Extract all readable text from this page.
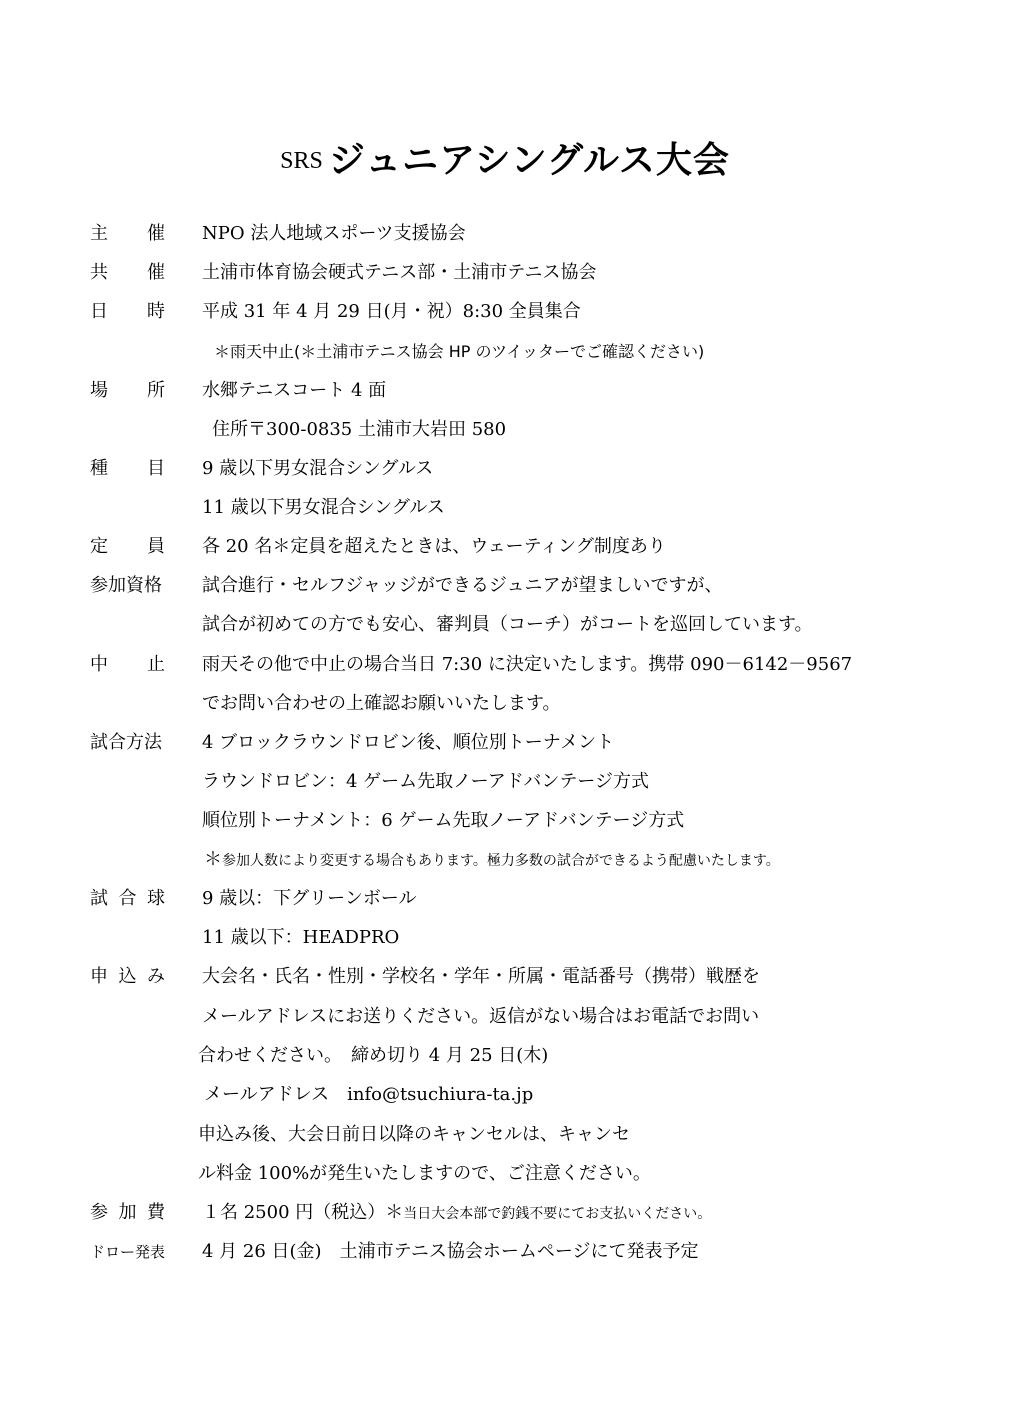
SRS ジュニアシングルス大会
主 催 NPO 法人地域スポーツ支援協会
共 催 土浦市体育協会硬式テニス部・土浦市テニス協会
日 時 平成 31 年 4 月 29 日(月・祝）8:30 全員集合
＊雨天中止(＊土浦市テニス協会 HP のツイッターでご確認ください)
場 所 水郷テニスコート 4 面
住所〒300-0835 土浦市大岩田 580
種 目 9 歳以下男女混合シングルス
11 歳以下男女混合シングルス
定 員 各 20 名＊定員を超えたときは、ウェーティング制度あり
参加資格 試合進行・セルフジャッジができるジュニアが望ましいですが、
試合が初めての方でも安心、審判員（コーチ）がコートを巡回しています。
中 止 雨天その他で中止の場合当日 7:30 に決定いたします。携帯 090－6142－9567
でお問い合わせの上確認お願いいたします。
試合方法 4 ブロックラウンドロビン後、順位別トーナメント
ラウンドロビン：4 ゲーム先取ノーアドバンテージ方式
順位別トーナメント：6 ゲーム先取ノーアドバンテージ方式
＊参加人数により変更する場合もあります。極力多数の試合ができるよう配慮いたします。
試 合 球 9 歳以：下グリーンボール
11 歳以下：HEADPRO
申 込 み 大会名・氏名・性別・学校名・学年・所属・電話番号（携帯）戦歴を
メールアドレスにお送りください。返信がない場合はお電話でお問い
合わせください。　締め切り 4 月 25 日(木)
メールアドレス　info@tsuchiura-ta.jp
申込み後、大会日前日以降のキャンセルは、キャンセ
ル料金 100%が発生いたしますので、ご注意ください。
参 加 費 １名 2500 円（税込）＊当日大会本部で釣銭不要にてお支払いください。
ドロー発表 4 月 26 日(金)　土浦市テニス協会ホームページにて発表予定
